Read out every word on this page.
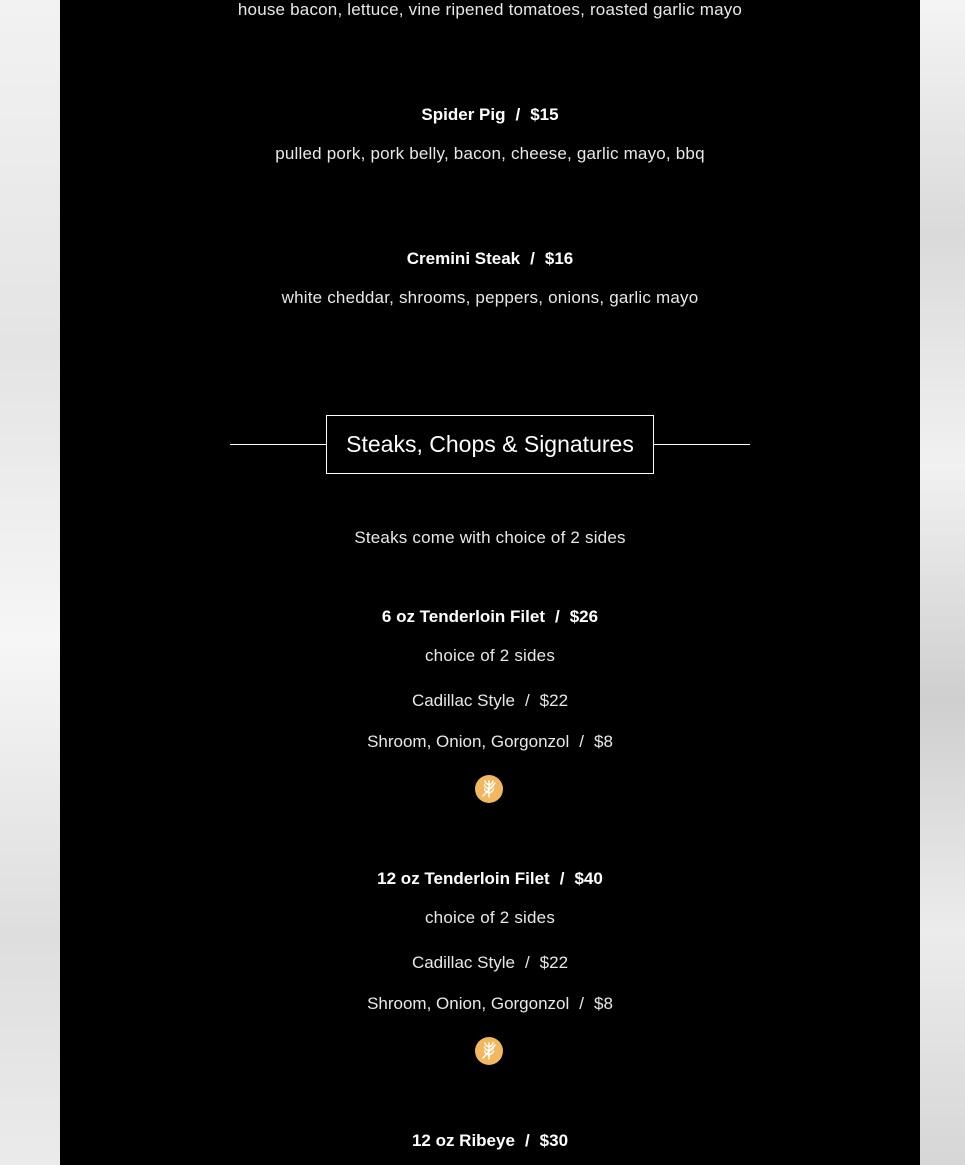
house bacon, lettuce, vine ripened tomatoes, roasted garlic mayo
Spider Pig / $15
pulled pork, pork belly, bacon, cheese, garlic mayo, bbq
Cremini Steak / $16
white cheddar, shrooms, peppers, onions, garlic mayo
Steaks, Chops & Signatures
Steaks come with choice of 2 sides
6 oz Tenderloin Filet / $26
choice of 2 sides
Cadillac Style / $22
Shroom, Onion, Gorgonzol / $8
12 oz Tenderloin Filet / $40
choice of 2 sides
Cadillac Style / $22
Shroom, Onion, Gorgonzol / $8
12 oz Ribeye / $30
